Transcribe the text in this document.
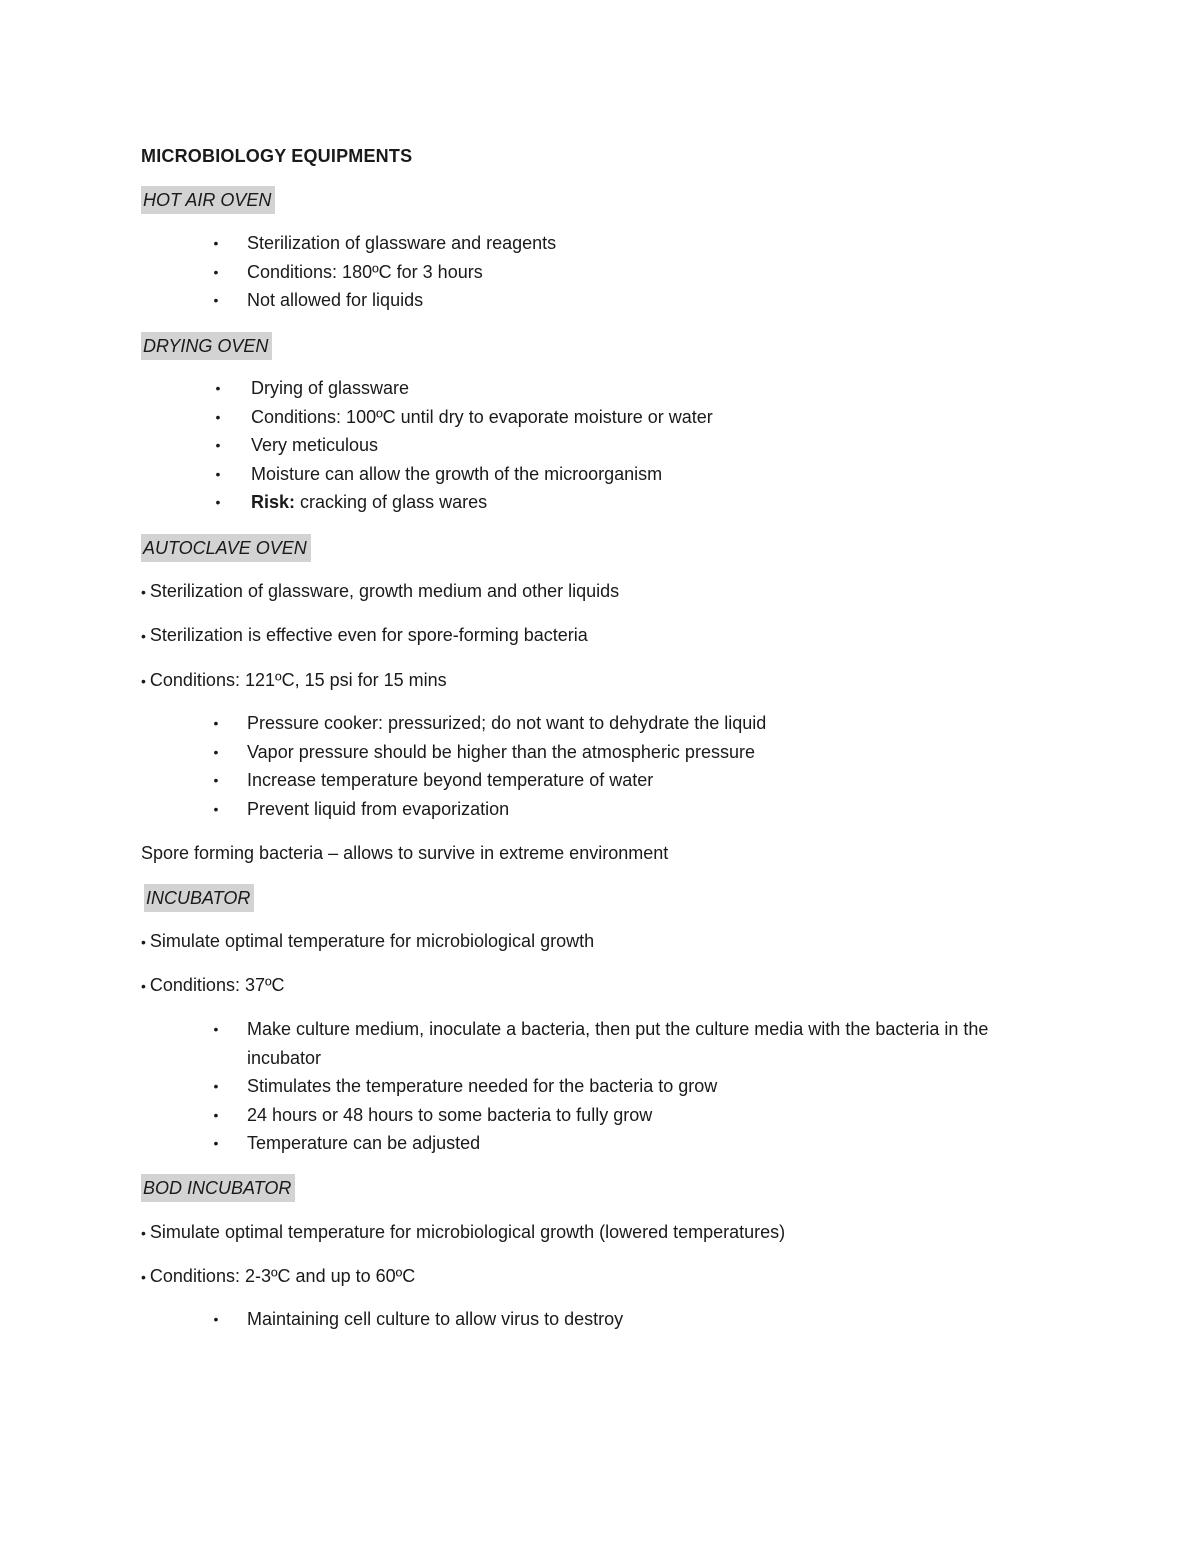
MICROBIOLOGY EQUIPMENTS
HOT AIR OVEN
•	Sterilization of glassware and reagents
•	Conditions: 180ºC for 3 hours
•	Not allowed for liquids
DRYING OVEN
•	Drying of glassware
•	Conditions: 100ºC until dry to evaporate moisture or water
•	Very meticulous
•	Moisture can allow the growth of the microorganism
•	Risk: cracking of glass wares
AUTOCLAVE OVEN
• Sterilization of glassware, growth medium and other liquids
• Sterilization is effective even for spore-forming bacteria
• Conditions: 121ºC, 15 psi for 15 mins
•	Pressure cooker: pressurized; do not want to dehydrate the liquid
•	Vapor pressure should be higher than the atmospheric pressure
•	Increase temperature beyond temperature of water
•	Prevent liquid from evaporization
Spore forming bacteria – allows to survive in extreme environment
INCUBATOR
• Simulate optimal temperature for microbiological growth
• Conditions: 37ºC
•	Make culture medium, inoculate a bacteria, then put the culture media with the bacteria in the incubator
•	Stimulates the temperature needed for the bacteria to grow
•	24 hours or 48 hours to some bacteria to fully grow
•	Temperature can be adjusted
BOD INCUBATOR
• Simulate optimal temperature for microbiological growth (lowered temperatures)
• Conditions: 2-3ºC and up to 60ºC
•	Maintaining cell culture to allow virus to destroy
